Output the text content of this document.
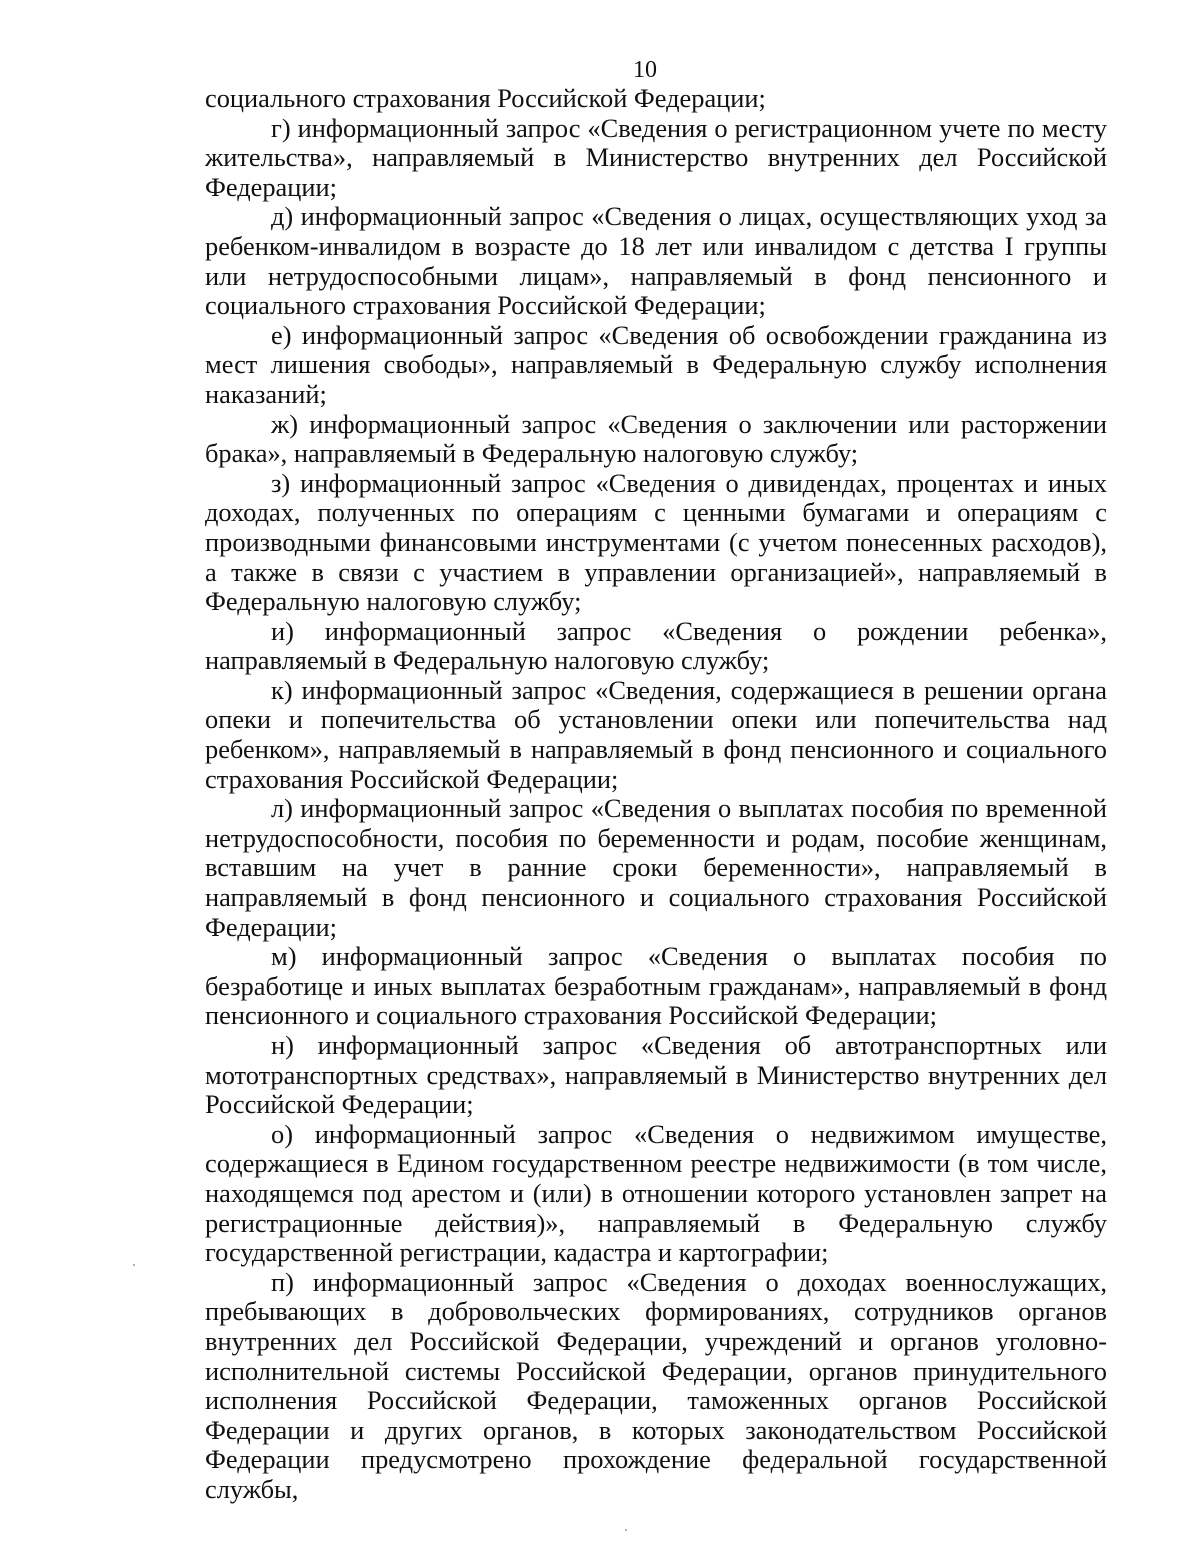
10

социального страхования Российской Федерации;

г) информационный запрос «Сведения о регистрационном учете по месту жительства», направляемый в Министерство внутренних дел Российской Федерации;

д) информационный запрос «Сведения о лицах, осуществляющих уход за ребенком-инвалидом в возрасте до 18 лет или инвалидом с детства I группы или нетрудоспособными лицам», направляемый в фонд пенсионного и социального страхования Российской Федерации;

е) информационный запрос «Сведения об освобождении гражданина из мест лишения свободы», направляемый в Федеральную службу исполнения наказаний;

ж) информационный запрос «Сведения о заключении или расторжении брака», направляемый в Федеральную налоговую службу;

з) информационный запрос «Сведения о дивидендах, процентах и иных доходах, полученных по операциям с ценными бумагами и операциям с производными финансовыми инструментами (с учетом понесенных расходов), а также в связи с участием в управлении организацией», направляемый в Федеральную налоговую службу;

и) информационный запрос «Сведения о рождении ребенка», направляемый в Федеральную налоговую службу;

к) информационный запрос «Сведения, содержащиеся в решении органа опеки и попечительства об установлении опеки или попечительства над ребенком», направляемый в направляемый в фонд пенсионного и социального страхования Российской Федерации;

л) информационный запрос «Сведения о выплатах пособия по временной нетрудоспособности, пособия по беременности и родам, пособие женщинам, вставшим на учет в ранние сроки беременности», направляемый в направляемый в фонд пенсионного и социального страхования Российской Федерации;

м) информационный запрос «Сведения о выплатах пособия по безработице и иных выплатах безработным гражданам», направляемый в фонд пенсионного и социального страхования Российской Федерации;

н) информационный запрос «Сведения об автотранспортных или мототранспортных средствах», направляемый в Министерство внутренних дел Российской Федерации;

о) информационный запрос «Сведения о недвижимом имуществе, содержащиеся в Едином государственном реестре недвижимости (в том числе, находящемся под арестом и (или) в отношении которого установлен запрет на регистрационные действия)», направляемый в Федеральную службу государственной регистрации, кадастра и картографии;

п) информационный запрос «Сведения о доходах военнослужащих, пребывающих в добровольческих формированиях, сотрудников органов внутренних дел Российской Федерации, учреждений и органов уголовно-исполнительной системы Российской Федерации, органов принудительного исполнения Российской Федерации, таможенных органов Российской Федерации и других органов, в которых законодательством Российской Федерации предусмотрено прохождение федеральной государственной службы,
